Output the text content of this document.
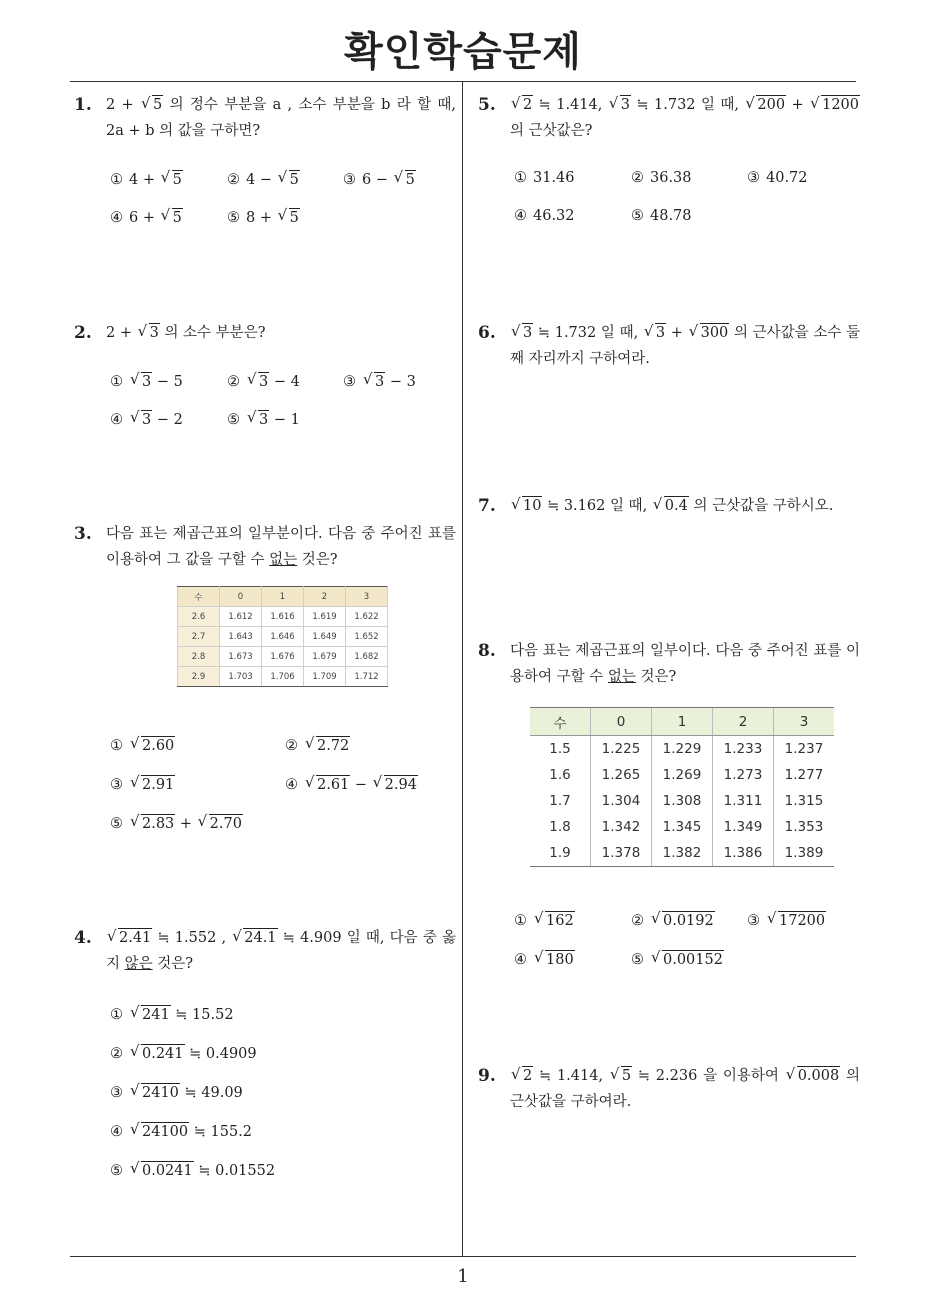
확인학습문제
1
1. 2 + √ 5 의 정수 부분을 a , 소수 부분을 b 라 할 때, 2a + b 의 값을 구하면?
① 4 + √ 5	② 4 − √ 5	③ 6 − √ 5
④ 6 + √ 5	⑤ 8 + √ 5
2. 2 + √ 3 의 소수 부분은?
① √ 3 − 5	② √ 3 − 4	③ √ 3 − 3
④ √ 3 − 2	⑤ √ 3 − 1
3. 다음 표는 제곱근표의 일부분이다. 다음 중 주어진 표를 이용하여 그 값을 구할 수 없는 것은?
수	0	1	2	3
2.6	1.612	1.616	1.619	1.622
2.7	1.643	1.646	1.649	1.652
2.8	1.673	1.676	1.679	1.682
2.9	1.703	1.706	1.709	1.712
① √ 2.60	② √ 2.72
③ √ 2.91	④ √ 2.61 − √ 2.94
⑤ √ 2.83 + √ 2.70
4.	√ 2.41 ≒ 1.552 , √ 24.1 ≒ 4.909 일 때, 다음 중 옳지 않은 것은?
① √ 241 ≒ 15.52
② √ 0.241 ≒ 0.4909
③ √ 2410 ≒ 49.09
④ √ 24100 ≒ 155.2
⑤ √ 0.0241 ≒ 0.01552
5.	√ 2 ≒ 1.414, √ 3 ≒ 1.732 일 때, √ 200 + √ 1200 의 근삿값은?
① 31.46	② 36.38	③ 40.72
④ 46.32	⑤ 48.78
6.	√ 3 ≒ 1.732 일 때, √ 3 + √ 300 의 근사값을 소수 둘째 자리까지 구하여라.
7.	√ 10 ≒ 3.162 일 때, √ 0.4 의 근삿값을 구하시오.
8. 다음 표는 제곱근표의 일부이다. 다음 중 주어진 표를 이용하여 구할 수 없는 것은?
수	0	1	2	3
1.5	1.225	1.229	1.233	1.237
1.6	1.265	1.269	1.273	1.277
1.7	1.304	1.308	1.311	1.315
1.8	1.342	1.345	1.349	1.353
1.9	1.378	1.382	1.386	1.389
① √ 162	② √ 0.0192 ③ √ 17200
④ √ 180	⑤ √ 0.00152
9.	√ 2 ≒ 1.414, √ 5 ≒ 2.236 을 이용하여 √ 0.008 의 근삿값을 구하여라.
